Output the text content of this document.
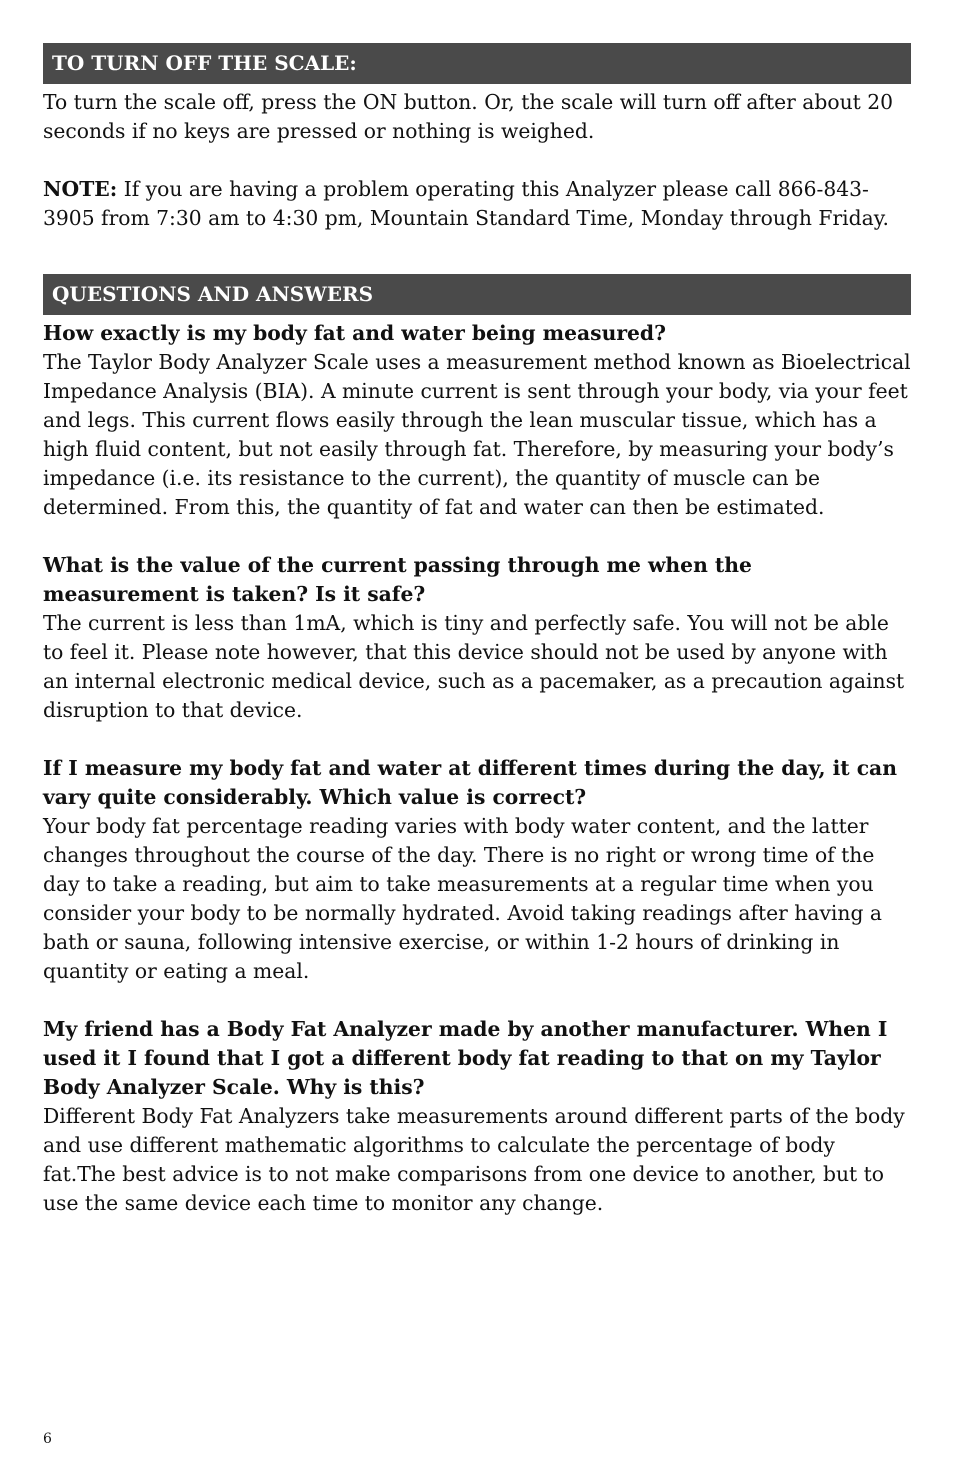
TO TURN OFF THE SCALE:

To turn the scale off, press the ON button. Or, the scale will turn off after about 20 seconds if no keys are pressed or nothing is weighed.

NOTE: If you are having a problem operating this Analyzer please call 866-843-3905 from 7:30 am to 4:30 pm, Mountain Standard Time, Monday through Friday.

QUESTIONS AND ANSWERS

How exactly is my body fat and water being measured?

The Taylor Body Analyzer Scale uses a measurement method known as Bioelectrical Impedance Analysis (BIA). A minute current is sent through your body, via your feet and legs. This current flows easily through the lean muscular tissue, which has a high fluid content, but not easily through fat. Therefore, by measuring your body’s impedance (i.e. its resistance to the current), the quantity of muscle can be determined. From this, the quantity of fat and water can then be estimated.

What is the value of the current passing through me when the measurement is taken? Is it safe?

The current is less than 1mA, which is tiny and perfectly safe. You will not be able to feel it. Please note however, that this device should not be used by anyone with an internal electronic medical device, such as a pacemaker, as a precaution against disruption to that device.

If I measure my body fat and water at different times during the day, it can vary quite considerably. Which value is correct?

Your body fat percentage reading varies with body water content, and the latter changes throughout the course of the day. There is no right or wrong time of the day to take a reading, but aim to take measurements at a regular time when you consider your body to be normally hydrated. Avoid taking readings after having a bath or sauna, following intensive exercise, or within 1-2 hours of drinking in quantity or eating a meal.

My friend has a Body Fat Analyzer made by another manufacturer. When I used it I found that I got a different body fat reading to that on my Taylor Body Analyzer Scale. Why is this?

Different Body Fat Analyzers take measurements around different parts of the body and use different mathematic algorithms to calculate the percentage of body fat.The best advice is to not make comparisons from one device to another, but to use the same device each time to monitor any change.

6
